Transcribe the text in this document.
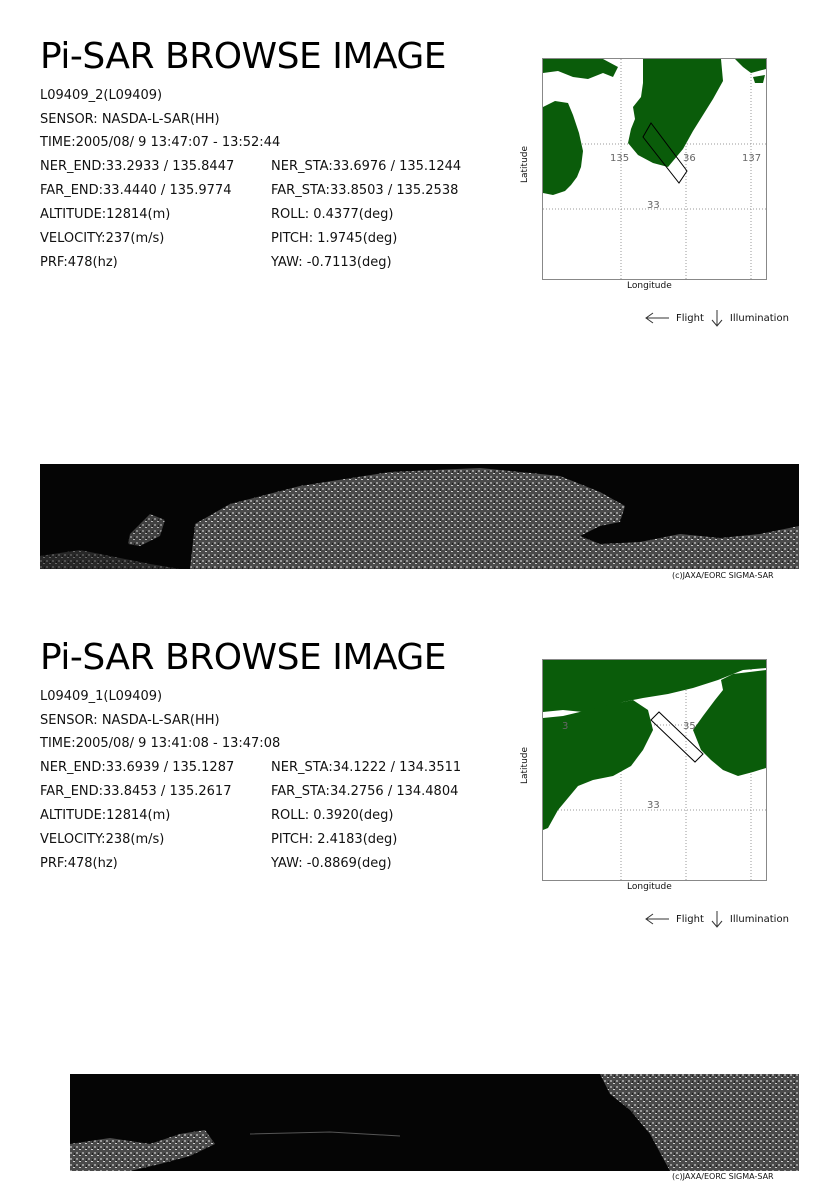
Pi-SAR BROWSE IMAGE
L09409_2(L09409)
SENSOR: NASDA-L-SAR(HH)
TIME:2005/08/ 9 13:47:07 - 13:52:44
NER_END:33.2933 / 135.8447	NER_STA:33.6976 / 135.1244
FAR_END:33.4440 / 135.9774	FAR_STA:33.8503 / 135.2538
ALTITUDE:12814(m)	ROLL: 0.4377(deg)
VELOCITY:237(m/s)	PITCH: 1.9745(deg)
PRF:478(hz)	YAW: -0.7113(deg)
135	36	137
33
Latitude
Longitude
Flight	Illumination
(c)JAXA/EORC SIGMA-SAR
Pi-SAR BROWSE IMAGE
L09409_1(L09409)
SENSOR: NASDA-L-SAR(HH)
TIME:2005/08/ 9 13:41:08 - 13:47:08
NER_END:33.6939 / 135.1287	NER_STA:34.1222 / 134.3511
FAR_END:33.8453 / 135.2617	FAR_STA:34.2756 / 134.4804
ALTITUDE:12814(m)	ROLL: 0.3920(deg)
VELOCITY:238(m/s)	PITCH: 2.4183(deg)
PRF:478(hz)	YAW: -0.8869(deg)
3	35
33
Latitude
Longitude
Flight	Illumination
(c)JAXA/EORC SIGMA-SAR
